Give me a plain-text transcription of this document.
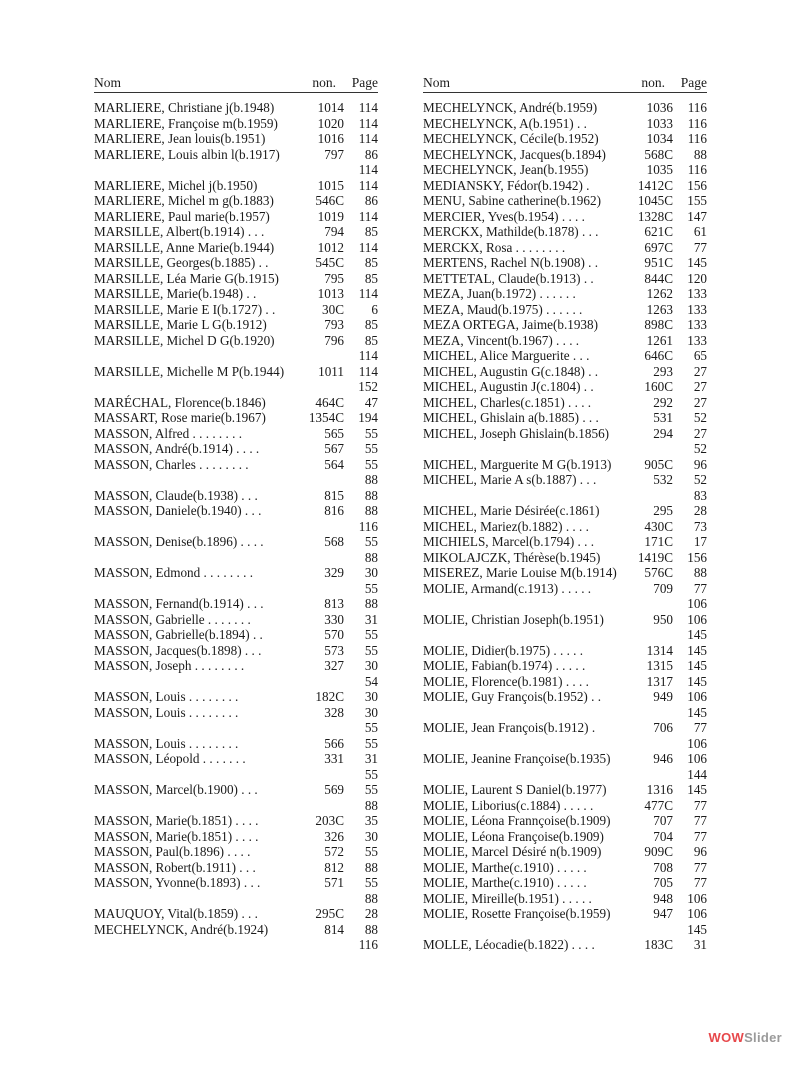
Nom	non. Page
MARLIERE, Christiane j(b.1948)	1014	114
MARLIERE, Françoise m(b.1959)	1020	114
MARLIERE, Jean louis(b.1951)	1016	114
MARLIERE, Louis albin l(b.1917)	797	86
114
MARLIERE, Michel j(b.1950)	1015	114
MARLIERE, Michel m g(b.1883)	546C	86
MARLIERE, Paul marie(b.1957)	1019	114
MARSILLE, Albert(b.1914) . . .	794	85
MARSILLE, Anne Marie(b.1944)	1012	114
MARSILLE, Georges(b.1885) . .	545C	85
MARSILLE, Léa Marie G(b.1915)	795	85
MARSILLE, Marie(b.1948) . .	1013	114
MARSILLE, Marie E I(b.1727) . .	30C	6
MARSILLE, Marie L G(b.1912)	793	85
MARSILLE, Michel D G(b.1920)	796	85
114
MARSILLE, Michelle M P(b.1944)	1011	114
152
MARÉCHAL, Florence(b.1846)	464C	47
MASSART, Rose marie(b.1967)	1354C	194
MASSON, Alfred . . . . . . . .	565	55
MASSON, André(b.1914) . . . .	567	55
MASSON, Charles . . . . . . . .	564	55
88
MASSON, Claude(b.1938) . . .	815	88
MASSON, Daniele(b.1940) . . .	816	88
116
MASSON, Denise(b.1896) . . . .	568	55
88
MASSON, Edmond . . . . . . . .	329	30
55
MASSON, Fernand(b.1914) . . .	813	88
MASSON, Gabrielle . . . . . . .	330	31
MASSON, Gabrielle(b.1894) . .	570	55
MASSON, Jacques(b.1898) . . .	573	55
MASSON, Joseph . . . . . . . .	327	30
54
MASSON, Louis . . . . . . . .	182C	30
MASSON, Louis . . . . . . . .	328	30
55
MASSON, Louis . . . . . . . .	566	55
MASSON, Léopold . . . . . . .	331	31
55
MASSON, Marcel(b.1900) . . .	569	55
88
MASSON, Marie(b.1851) . . . .	203C	35
MASSON, Marie(b.1851) . . . .	326	30
MASSON, Paul(b.1896) . . . .	572	55
MASSON, Robert(b.1911) . . .	812	88
MASSON, Yvonne(b.1893) . . .	571	55
88
MAUQUOY, Vital(b.1859) . . .	295C	28
MECHELYNCK, André(b.1924)	814	88
116
Nom	non. Page
MECHELYNCK, André(b.1959)	1036	116
MECHELYNCK, A(b.1951) . .	1033	116
MECHELYNCK, Cécile(b.1952)	1034	116
MECHELYNCK, Jacques(b.1894)	568C	88
MECHELYNCK, Jean(b.1955)	1035	116
MEDIANSKY, Fédor(b.1942) .	1412C	156
MENU, Sabine catherine(b.1962)	1045C	155
MERCIER, Yves(b.1954) . . . .	1328C	147
MERCKX, Mathilde(b.1878) . . .	621C	61
MERCKX, Rosa . . . . . . . .	697C	77
MERTENS, Rachel N(b.1908) . .	951C	145
METTETAL, Claude(b.1913) . .	844C	120
MEZA, Juan(b.1972) . . . . . .	1262	133
MEZA, Maud(b.1975) . . . . . .	1263	133
MEZA ORTEGA, Jaime(b.1938)	898C	133
MEZA, Vincent(b.1967) . . . .	1261	133
MICHEL, Alice Marguerite . . .	646C	65
MICHEL, Augustin G(c.1848) . .	293	27
MICHEL, Augustin J(c.1804) . .	160C	27
MICHEL, Charles(c.1851) . . . .	292	27
MICHEL, Ghislain a(b.1885) . . .	531	52
MICHEL, Joseph Ghislain(b.1856)	294	27
52
MICHEL, Marguerite M G(b.1913)	905C	96
MICHEL, Marie A s(b.1887) . . .	532	52
83
MICHEL, Marie Désirée(c.1861)	295	28
MICHEL, Mariez(b.1882) . . . .	430C	73
MICHIELS, Marcel(b.1794) . . .	171C	17
MIKOLAJCZK, Thérèse(b.1945)	1419C	156
MISEREZ, Marie Louise M(b.1914)	576C	88
MOLIE, Armand(c.1913) . . . . .	709	77
106
MOLIE, Christian Joseph(b.1951)	950	106
145
MOLIE, Didier(b.1975) . . . . .	1314	145
MOLIE, Fabian(b.1974) . . . . .	1315	145
MOLIE, Florence(b.1981) . . . .	1317	145
MOLIE, Guy François(b.1952) . .	949	106
145
MOLIE, Jean François(b.1912) .	706	77
106
MOLIE, Jeanine Françoise(b.1935)	946	106
144
MOLIE, Laurent S Daniel(b.1977)	1316	145
MOLIE, Liborius(c.1884) . . . . .	477C	77
MOLIE, Léona Frannçoise(b.1909)	707	77
MOLIE, Léona Françoise(b.1909)	704	77
MOLIE, Marcel Désiré n(b.1909)	909C	96
MOLIE, Marthe(c.1910) . . . . .	708	77
MOLIE, Marthe(c.1910) . . . . .	705	77
MOLIE, Mireille(b.1951) . . . . .	948	106
MOLIE, Rosette Françoise(b.1959)	947	106
145
MOLLE, Léocadie(b.1822) . . . .	183C	31
WOWSlider
